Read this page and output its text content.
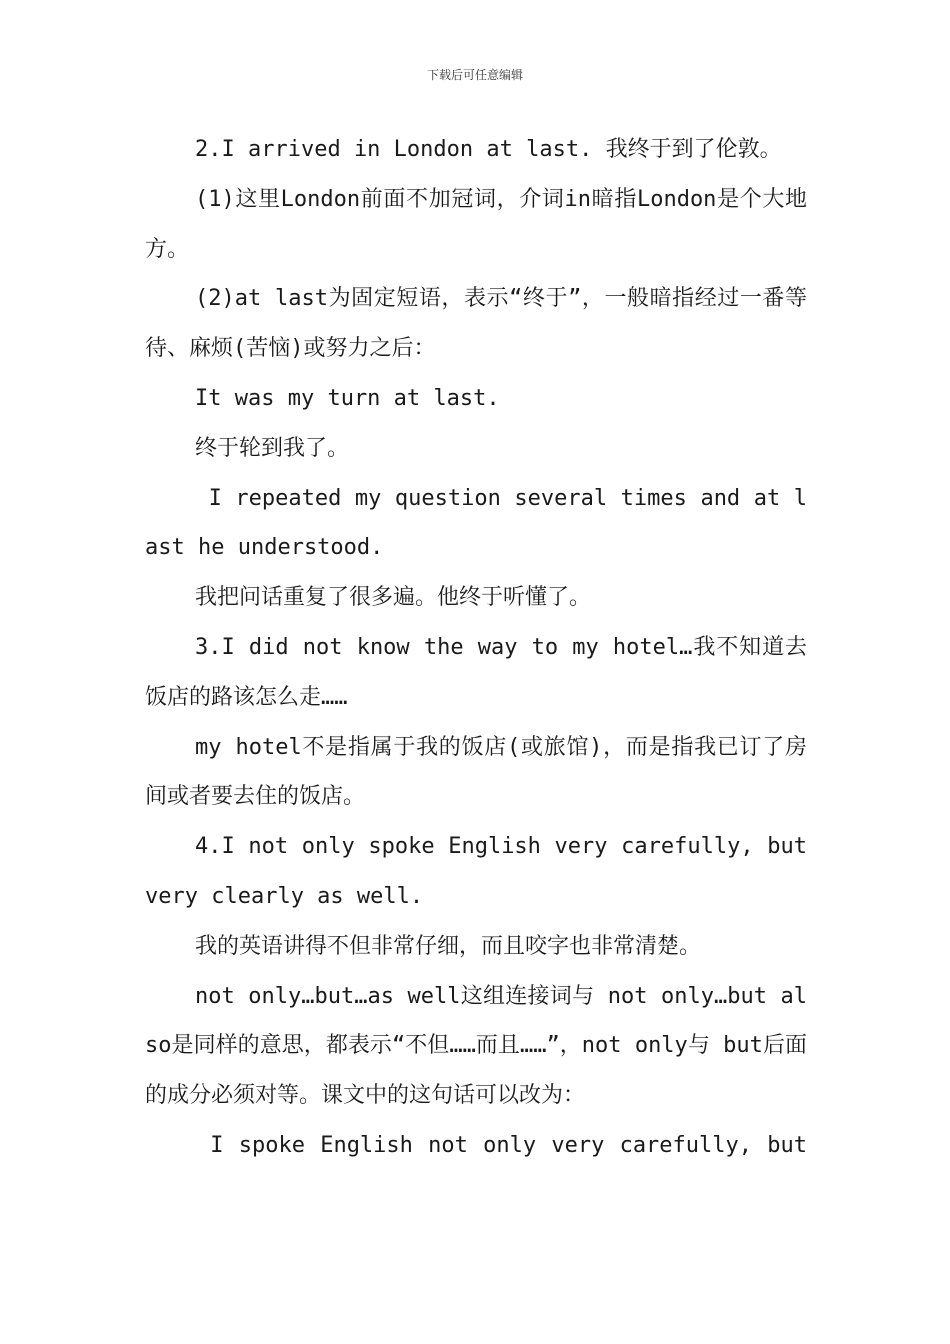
下载后可任意编辑

2.I arrived in London at last. 我终于到了伦敦。

(1)这里London前面不加冠词，介词in暗指London是个大地方。

(2)at last为固定短语，表示“终于”，一般暗指经过一番等待、麻烦(苦恼)或努力之后：

It was my turn at last.

终于轮到我了。

I repeated my question several times and at last he understood.

我把问话重复了很多遍。他终于听懂了。

3.I did not know the way to my hotel…我不知道去饭店的路该怎么走……

my hotel不是指属于我的饭店(或旅馆)，而是指我已订了房间或者要去住的饭店。

4.I not only spoke English very carefully, but very clearly as well.

我的英语讲得不但非常仔细，而且咬字也非常清楚。

not only…but…as well这组连接词与 not only…but also是同样的意思，都表示“不但……而且……”，not only与 but后面的成分必须对等。课文中的这句话可以改为：

I spoke English not only very carefully, but
